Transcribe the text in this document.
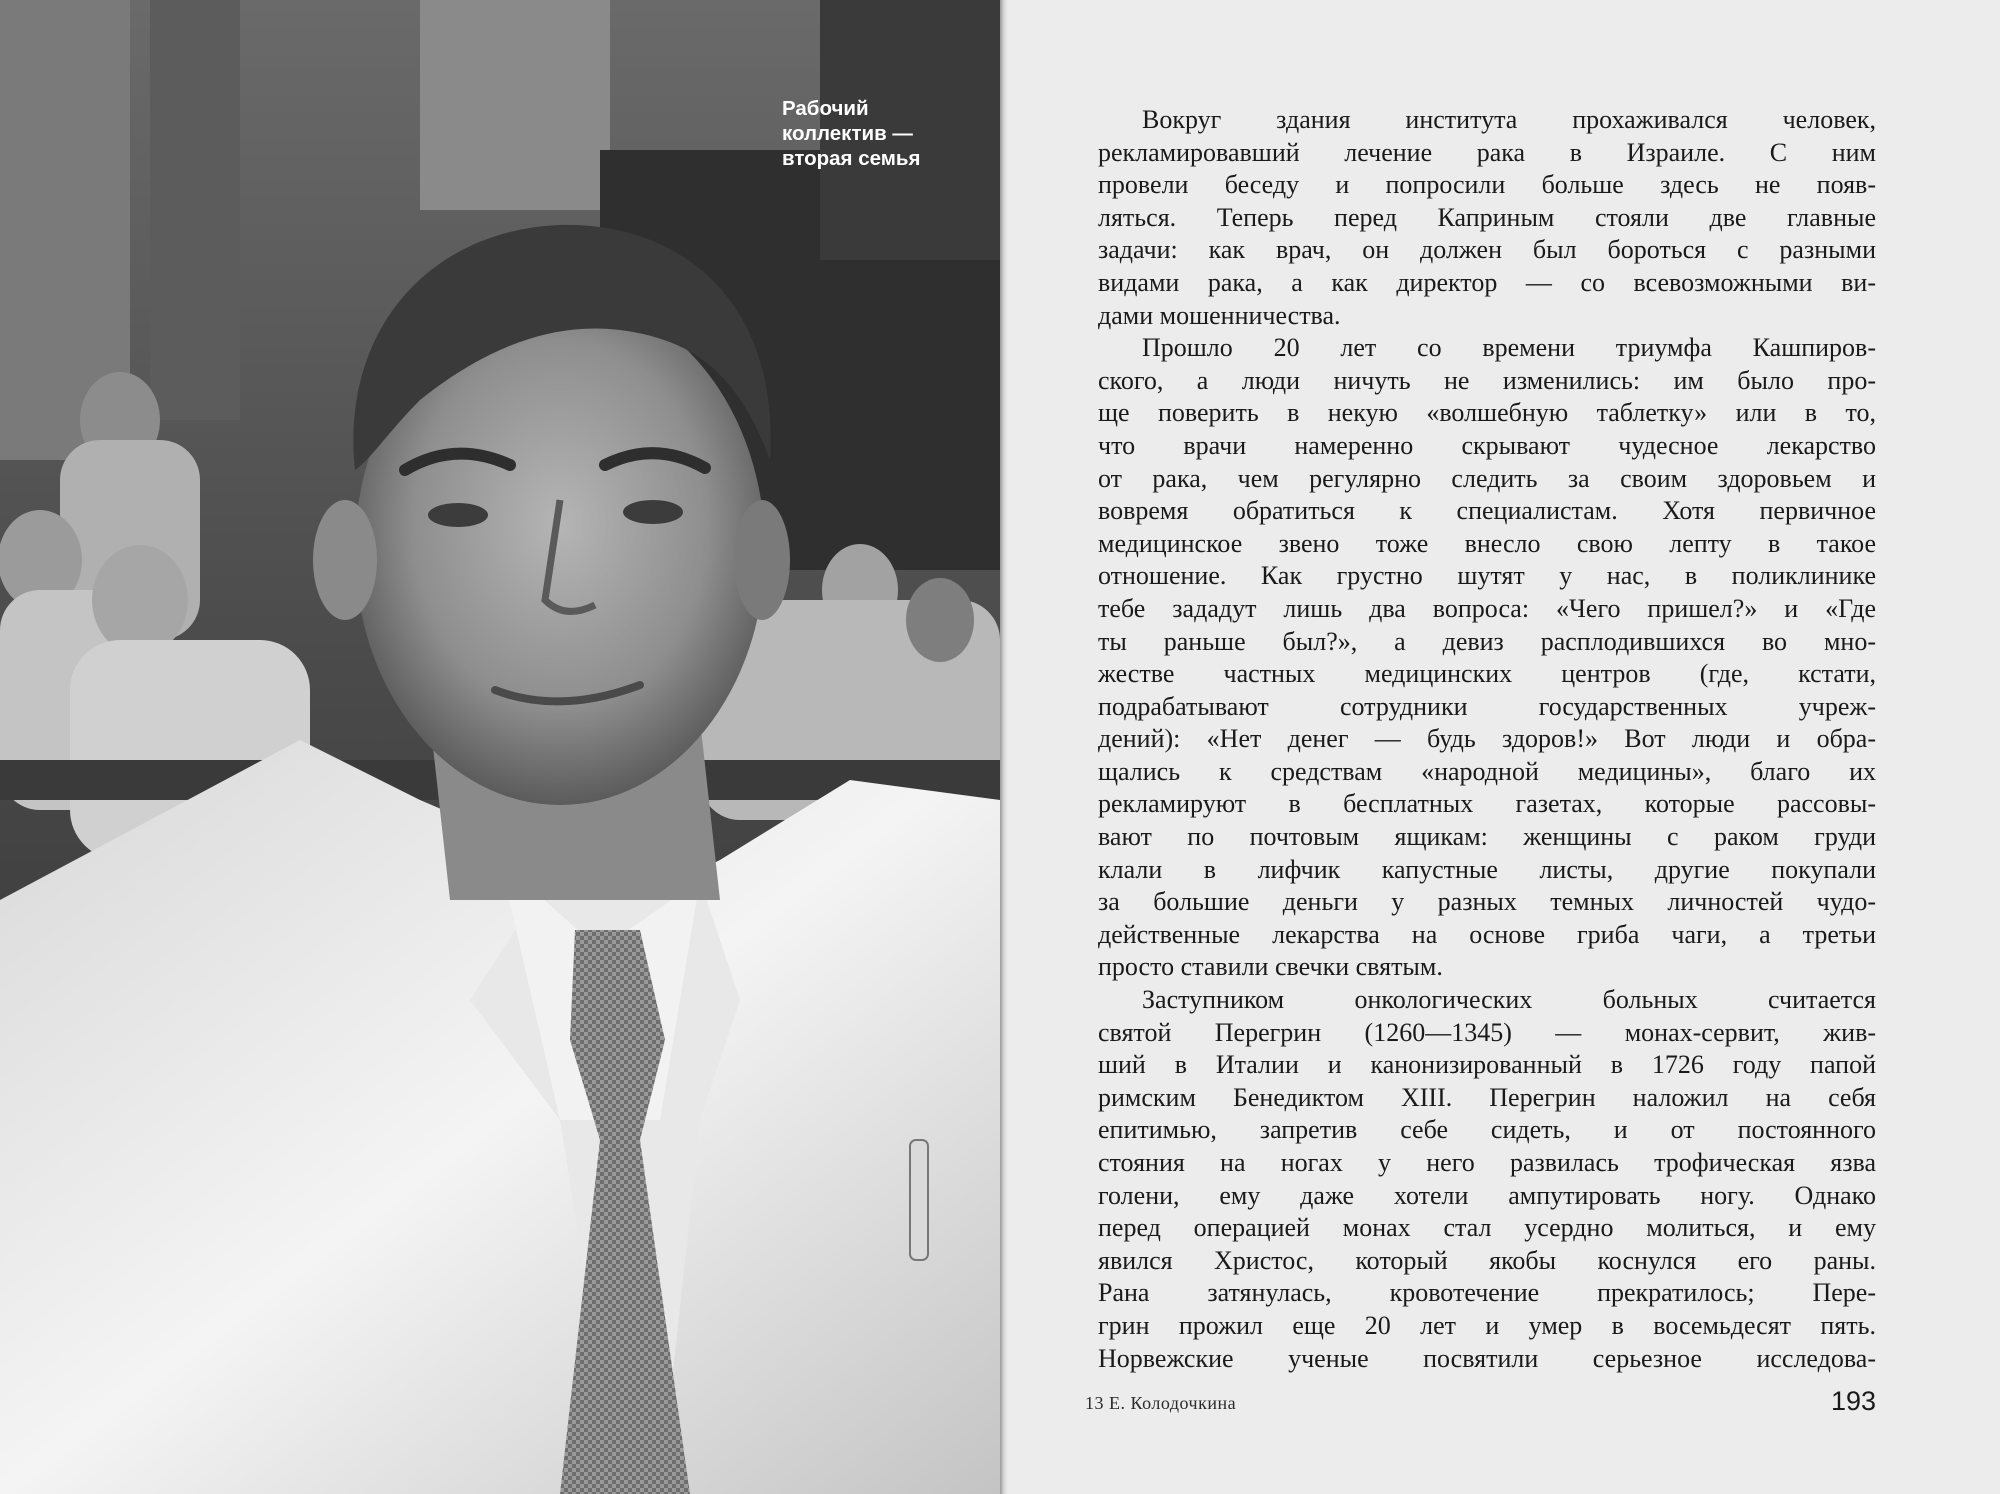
Рабочий
коллектив —
вторая семья
Вокруг здания института прохаживался человек,
рекламировавший лечение рака в Израиле. С ним
провели беседу и попросили больше здесь не появ-
ляться. Теперь перед Каприным стояли две главные
задачи: как врач, он должен был бороться с разными
видами рака, а как директор — со всевозможными ви-
дами мошенничества.
Прошло 20 лет со времени триумфа Кашпиров-
ского, а люди ничуть не изменились: им было про-
ще поверить в некую «волшебную таблетку» или в то,
что врачи намеренно скрывают чудесное лекарство
от рака, чем регулярно следить за своим здоровьем и
вовремя обратиться к специалистам. Хотя первичное
медицинское звено тоже внесло свою лепту в такое
отношение. Как грустно шутят у нас, в поликлинике
тебе зададут лишь два вопроса: «Чего пришел?» и «Где
ты раньше был?», а девиз расплодившихся во мно-
жестве частных медицинских центров (где, кстати,
подрабатывают сотрудники государственных учреж-
дений): «Нет денег — будь здоров!» Вот люди и обра-
щались к средствам «народной медицины», благо их
рекламируют в бесплатных газетах, которые рассовы-
вают по почтовым ящикам: женщины с раком груди
клали в лифчик капустные листы, другие покупали
за большие деньги у разных темных личностей чудо-
действенные лекарства на основе гриба чаги, а третьи
просто ставили свечки святым.
Заступником онкологических больных считается
святой Перегрин (1260—1345) — монах-сервит, жив-
ший в Италии и канонизированный в 1726 году папой
римским Бенедиктом XIII. Перегрин наложил на себя
епитимью, запретив себе сидеть, и от постоянного
стояния на ногах у него развилась трофическая язва
голени, ему даже хотели ампутировать ногу. Однако
перед операцией монах стал усердно молиться, и ему
явился Христос, который якобы коснулся его раны.
Рана затянулась, кровотечение прекратилось; Пере-
грин прожил еще 20 лет и умер в восемьдесят пять.
Норвежские ученые посвятили серьезное исследова-
13 Е. Колодочкина	193
